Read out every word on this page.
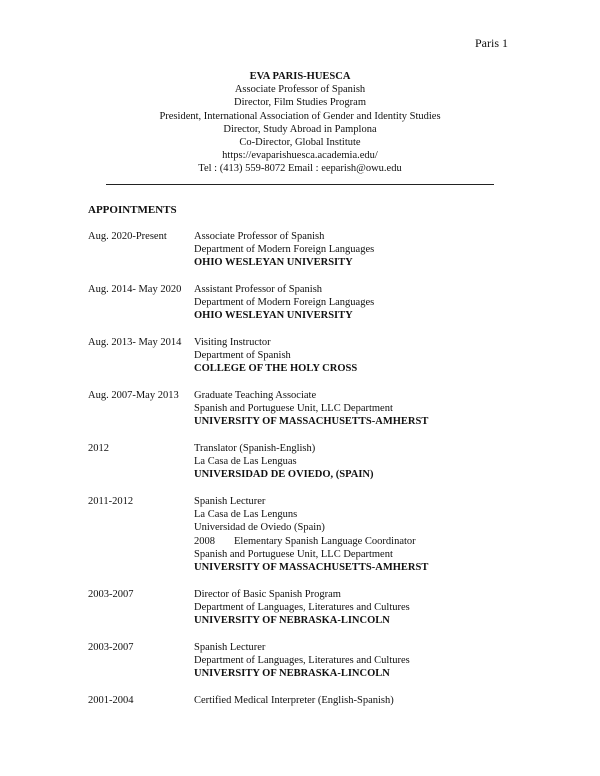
Paris 1
EVA PARIS-HUESCA
Associate Professor of Spanish
Director, Film Studies Program
President, International Association of Gender and Identity Studies
Director, Study Abroad in Pamplona
Co-Director, Global Institute
https://evaparishuesca.academia.edu/
Tel : (413) 559-8072 Email : eeparish@owu.edu
APPOINTMENTS
Aug. 2020-Present	Associate Professor of Spanish
Department of Modern Foreign Languages
OHIO WESLEYAN UNIVERSITY
Aug. 2014- May 2020	Assistant Professor of Spanish
Department of Modern Foreign Languages
OHIO WESLEYAN UNIVERSITY
Aug. 2013- May 2014	Visiting Instructor
Department of Spanish
COLLEGE OF THE HOLY CROSS
Aug. 2007-May 2013	Graduate Teaching Associate
Spanish and Portuguese Unit, LLC Department
UNIVERSITY OF MASSACHUSETTS-AMHERST
2012	Translator (Spanish-English)
La Casa de Las Lenguas
UNIVERSIDAD DE OVIEDO, (SPAIN)
2011-2012	Spanish Lecturer
La Casa de Las Lenguns
Universidad de Oviedo (Spain)
2008 Elementary Spanish Language Coordinator
Spanish and Portuguese Unit, LLC Department
UNIVERSITY OF MASSACHUSETTS-AMHERST
2003-2007	Director of Basic Spanish Program
Department of Languages, Literatures and Cultures
UNIVERSITY OF NEBRASKA-LINCOLN
2003-2007	Spanish Lecturer
Department of Languages, Literatures and Cultures
UNIVERSITY OF NEBRASKA-LINCOLN
2001-2004	Certified Medical Interpreter (English-Spanish)
